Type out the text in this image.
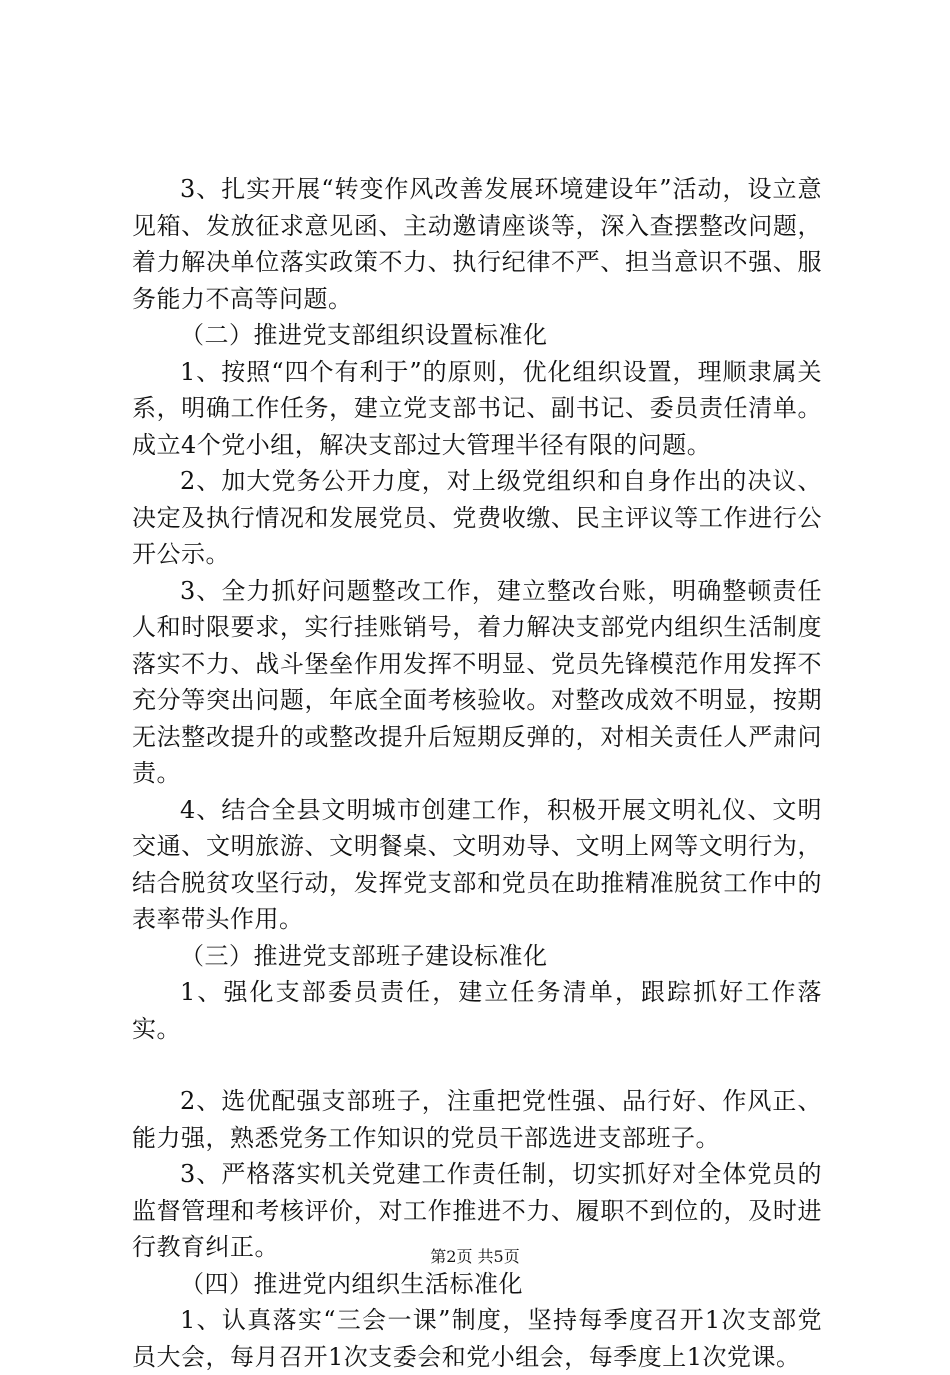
3、扎实开展“转变作风改善发展环境建设年”活动，设立意见箱、发放征求意见函、主动邀请座谈等，深入查摆整改问题，着力解决单位落实政策不力、执行纪律不严、担当意识不强、服务能力不高等问题。

（二）推进党支部组织设置标准化

1、按照“四个有利于”的原则，优化组织设置，理顺隶属关系，明确工作任务，建立党支部书记、副书记、委员责任清单。成立4个党小组，解决支部过大管理半径有限的问题。

2、加大党务公开力度，对上级党组织和自身作出的决议、决定及执行情况和发展党员、党费收缴、民主评议等工作进行公开公示。

3、全力抓好问题整改工作，建立整改台账，明确整顿责任人和时限要求，实行挂账销号，着力解决支部党内组织生活制度落实不力、战斗堡垒作用发挥不明显、党员先锋模范作用发挥不充分等突出问题，年底全面考核验收。对整改成效不明显，按期无法整改提升的或整改提升后短期反弹的，对相关责任人严肃问责。

4、结合全县文明城市创建工作，积极开展文明礼仪、文明交通、文明旅游、文明餐桌、文明劝导、文明上网等文明行为，结合脱贫攻坚行动，发挥党支部和党员在助推精准脱贫工作中的表率带头作用。

（三）推进党支部班子建设标准化

1、强化支部委员责任，建立任务清单，跟踪抓好工作落实。

2、选优配强支部班子，注重把党性强、品行好、作风正、能力强，熟悉党务工作知识的党员干部选进支部班子。

3、严格落实机关党建工作责任制，切实抓好对全体党员的监督管理和考核评价，对工作推进不力、履职不到位的，及时进行教育纠正。

（四）推进党内组织生活标准化

1、认真落实“三会一课”制度，坚持每季度召开1次支部党员大会，每月召开1次支委会和党小组会，每季度上1次党课。

第2页 共5页
